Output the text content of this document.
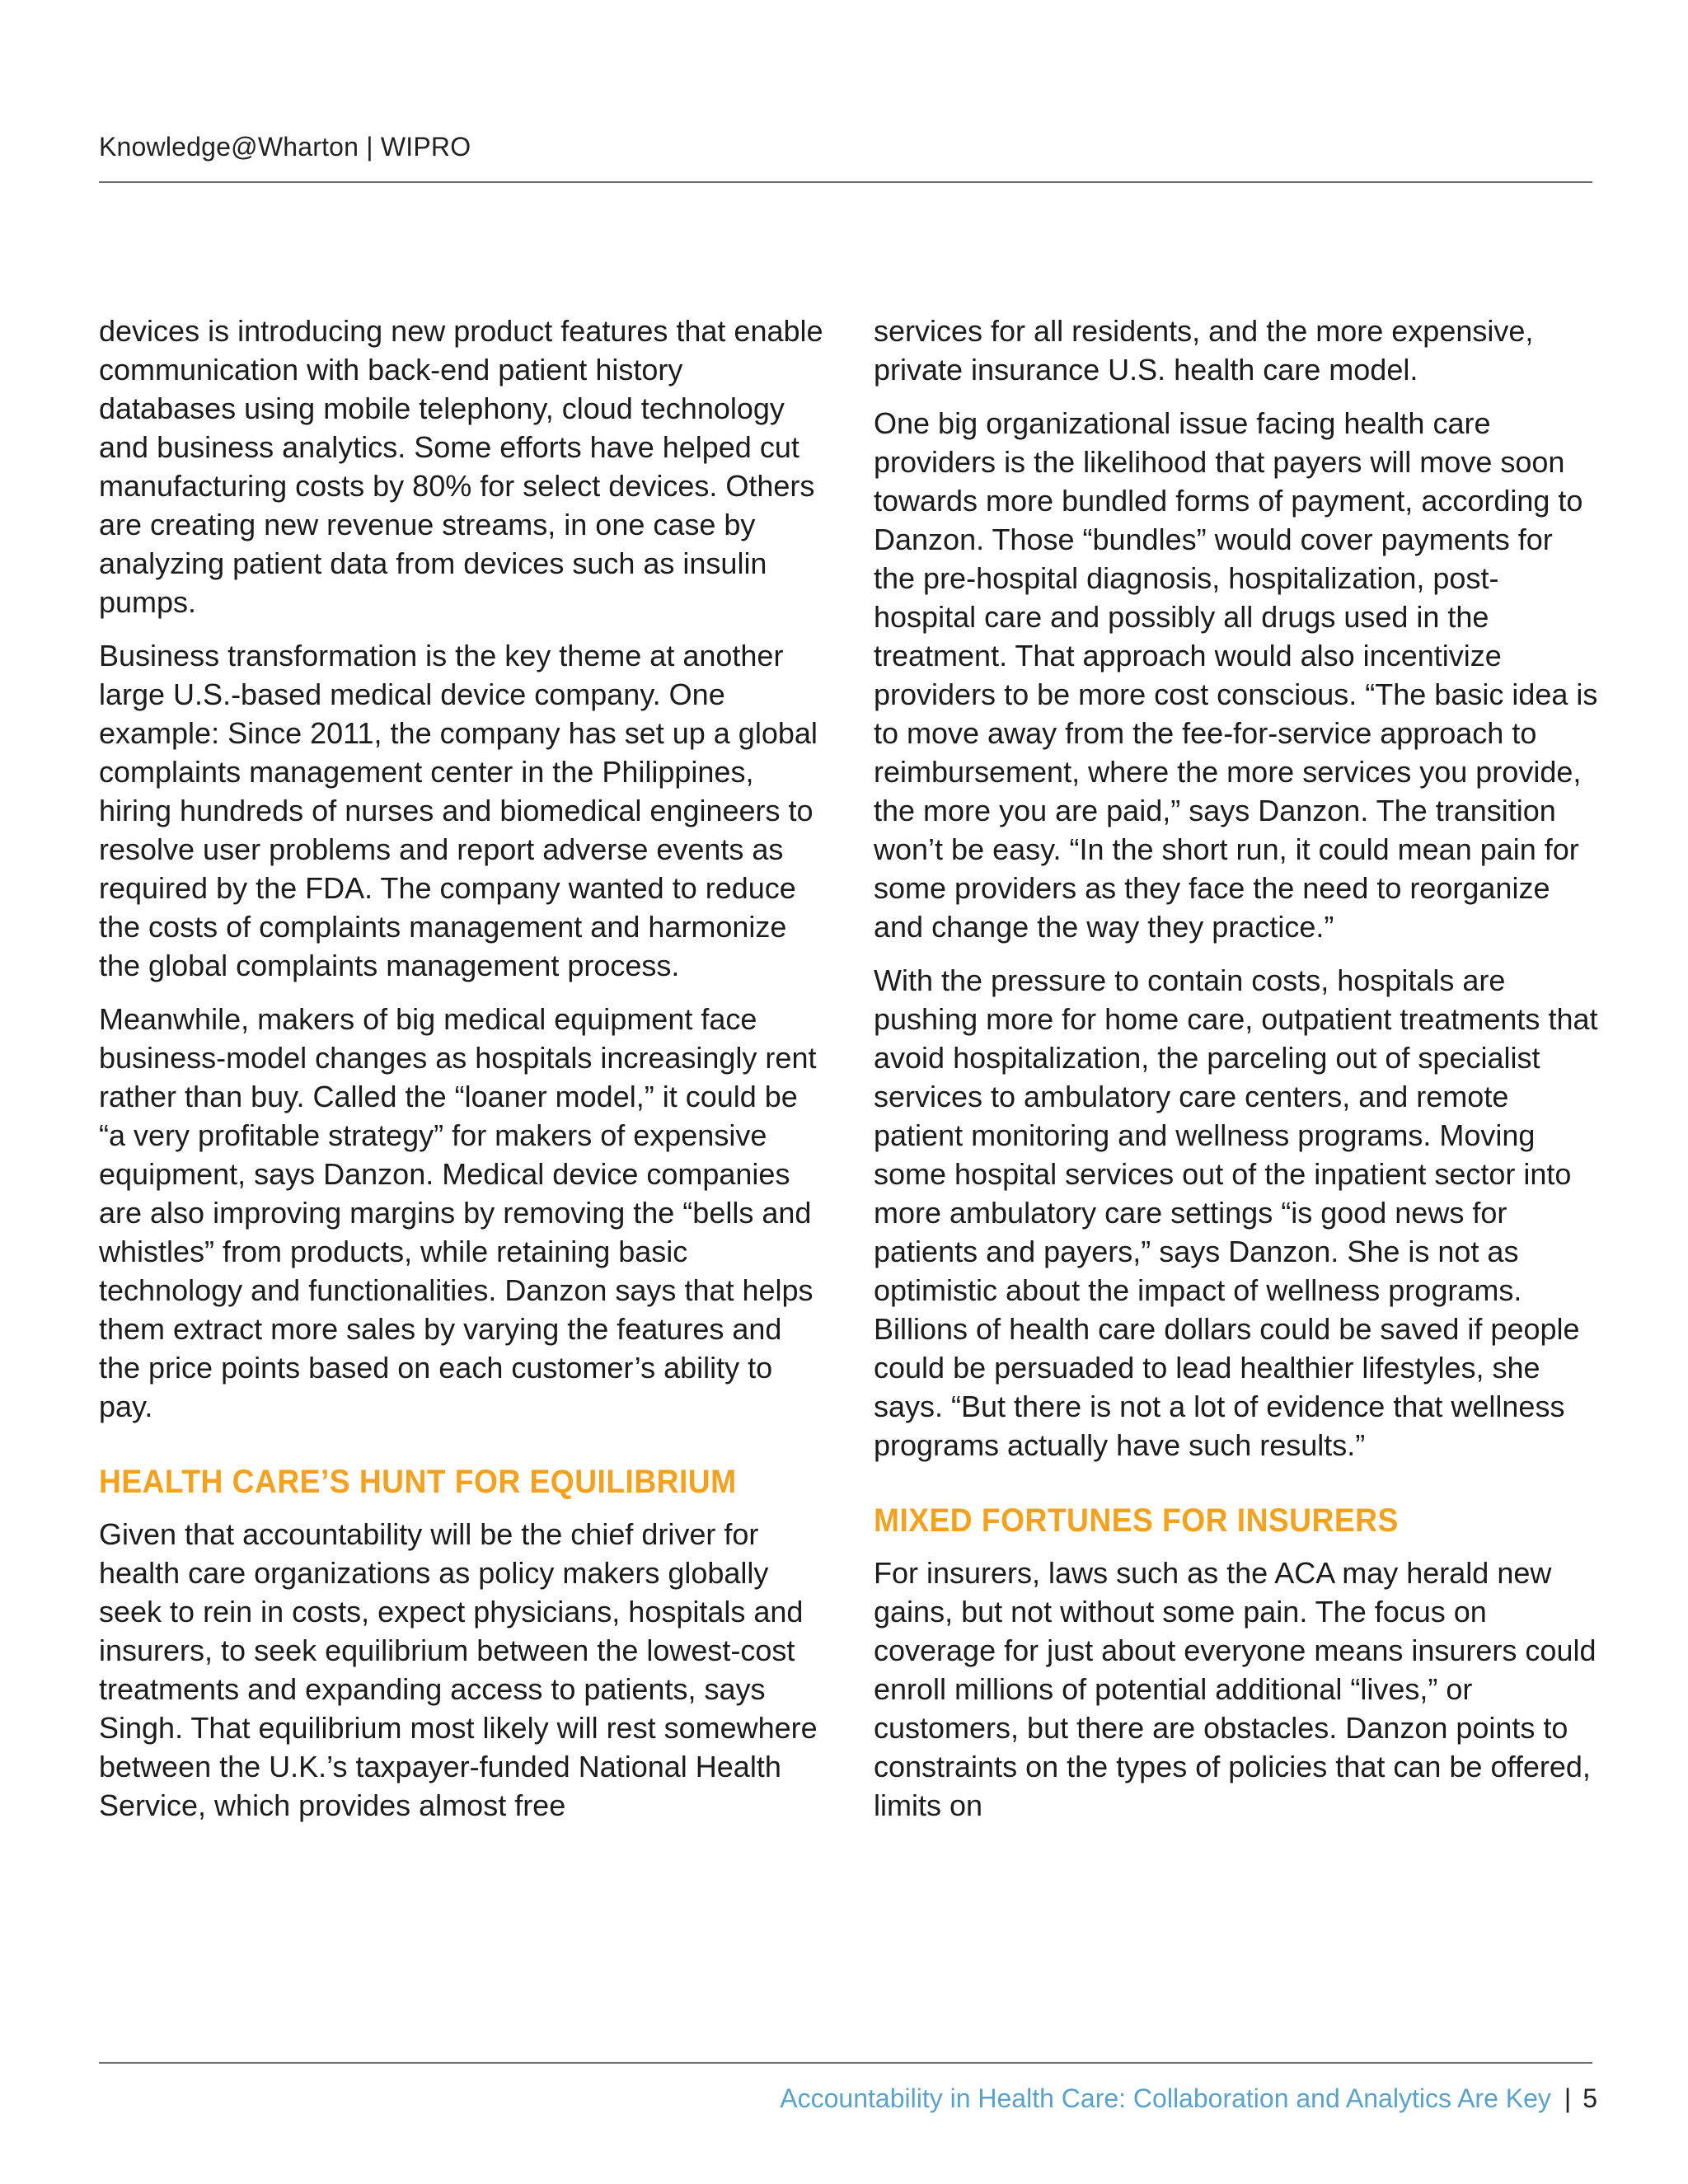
Knowledge@Wharton | WIPRO

devices is introducing new product features that enable communication with back-end patient history databases using mobile telephony, cloud technology and business analytics. Some efforts have helped cut manufacturing costs by 80% for select devices. Others are creating new revenue streams, in one case by analyzing patient data from devices such as insulin pumps.

Business transformation is the key theme at another large U.S.-based medical device company. One example: Since 2011, the company has set up a global complaints management center in the Philippines, hiring hundreds of nurses and biomedical engineers to resolve user problems and report adverse events as required by the FDA. The company wanted to reduce the costs of complaints management and harmonize the global complaints management process.

Meanwhile, makers of big medical equipment face business-model changes as hospitals increasingly rent rather than buy. Called the “loaner model,” it could be “a very profitable strategy” for makers of expensive equipment, says Danzon. Medical device companies are also improving margins by removing the “bells and whistles” from products, while retaining basic technology and functionalities. Danzon says that helps them extract more sales by varying the features and the price points based on each customer’s ability to pay.

HEALTH CARE’S HUNT FOR EQUILIBRIUM

Given that accountability will be the chief driver for health care organizations as policy makers globally seek to rein in costs, expect physicians, hospitals and insurers, to seek equilibrium between the lowest-cost treatments and expanding access to patients, says Singh. That equilibrium most likely will rest somewhere between the U.K.’s taxpayer-funded National Health Service, which provides almost free

services for all residents, and the more expensive, private insurance U.S. health care model.

One big organizational issue facing health care providers is the likelihood that payers will move soon towards more bundled forms of payment, according to Danzon. Those “bundles” would cover payments for the pre-hospital diagnosis, hospitalization, post-hospital care and possibly all drugs used in the treatment. That approach would also incentivize providers to be more cost conscious. “The basic idea is to move away from the fee-for-service approach to reimbursement, where the more services you provide, the more you are paid,” says Danzon. The transition won’t be easy. “In the short run, it could mean pain for some providers as they face the need to reorganize and change the way they practice.”

With the pressure to contain costs, hospitals are pushing more for home care, outpatient treatments that avoid hospitalization, the parceling out of specialist services to ambulatory care centers, and remote patient monitoring and wellness programs. Moving some hospital services out of the inpatient sector into more ambulatory care settings “is good news for patients and payers,” says Danzon. She is not as optimistic about the impact of wellness programs. Billions of health care dollars could be saved if people could be persuaded to lead healthier lifestyles, she says. “But there is not a lot of evidence that wellness programs actually have such results.”

MIXED FORTUNES FOR INSURERS

For insurers, laws such as the ACA may herald new gains, but not without some pain. The focus on coverage for just about everyone means insurers could enroll millions of potential additional “lives,” or customers, but there are obstacles. Danzon points to constraints on the types of policies that can be offered, limits on

Accountability in Health Care: Collaboration and Analytics Are Key | 5
